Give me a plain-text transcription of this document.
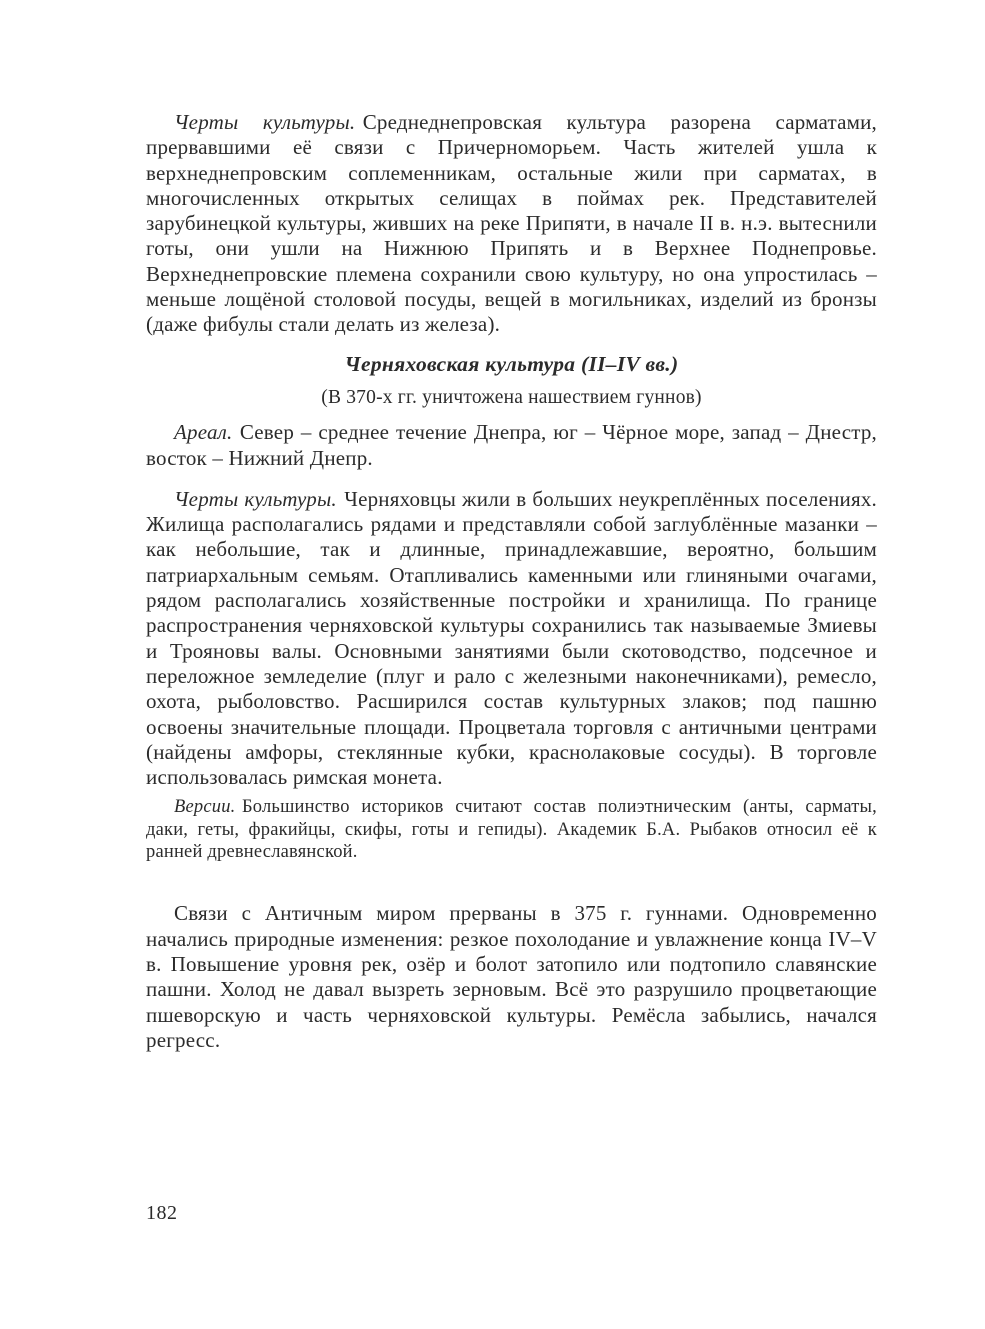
Черты культуры. Среднеднепровская культура разорена сарматами, прервавшими её связи с Причерноморьем. Часть жителей ушла к верхнеднепровским соплеменникам, остальные жили при сарматах, в многочисленных открытых селищах в поймах рек. Представителей зарубинецкой культуры, живших на реке Припяти, в начале II в. н.э. вытеснили готы, они ушли на Нижнюю Припять и в Верхнее Поднепровье. Верхнеднепровские племена сохранили свою культуру, но она упростилась – меньше лощёной столовой посуды, вещей в могильниках, изделий из бронзы (даже фибулы стали делать из железа).

Черняховская культура (II–IV вв.)

(В 370-х гг. уничтожена нашествием гуннов)

Ареал. Север – среднее течение Днепра, юг – Чёрное море, запад – Днестр, восток – Нижний Днепр.

Черты культуры. Черняховцы жили в больших неукреплённых поселениях. Жилища располагались рядами и представляли собой заглублённые мазанки – как небольшие, так и длинные, принадлежавшие, вероятно, большим патриархальным семьям. Отапливались каменными или глиняными очагами, рядом располагались хозяйственные постройки и хранилища. По границе распространения черняховской культуры сохранились так называемые Змиевы и Трояновы валы. Основными занятиями были скотоводство, подсечное и переложное земледелие (плуг и рало с железными наконечниками), ремесло, охота, рыболовство. Расширился состав культурных злаков; под пашню освоены значительные площади. Процветала торговля с античными центрами (найдены амфоры, стеклянные кубки, краснолаковые сосуды). В торговле использовалась римская монета.

Версии. Большинство историков считают состав полиэтническим (анты, сарматы, даки, геты, фракийцы, скифы, готы и гепиды). Академик Б.А. Рыбаков относил её к ранней древнеславянской.

Связи с Античным миром прерваны в 375 г. гуннами. Одновременно начались природные изменения: резкое похолодание и увлажнение конца IV–V в. Повышение уровня рек, озёр и болот затопило или подтопило славянские пашни. Холод не давал вызреть зерновым. Всё это разрушило процветающие пшеворскую и часть черняховской культуры. Ремёсла забылись, начался регресс.

182
